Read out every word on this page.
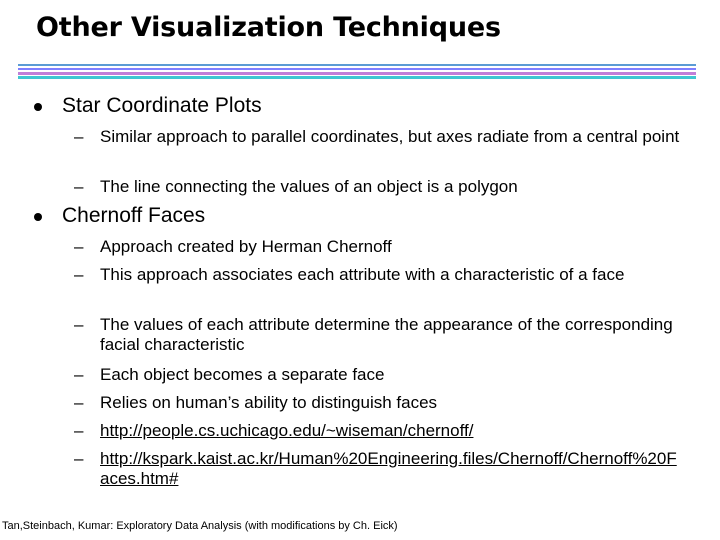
Other Visualization Techniques
Star Coordinate Plots
– Similar approach to parallel coordinates, but axes radiate from a central point
– The line connecting the values of an object is a polygon
Chernoff Faces
– Approach created by Herman Chernoff
– This approach associates each attribute with a characteristic of a face
– The values of each attribute determine the appearance of the corresponding facial characteristic
– Each object becomes a separate face
– Relies on human’s ability to distinguish faces
– http://people.cs.uchicago.edu/~wiseman/chernoff/
– http://kspark.kaist.ac.kr/Human%20Engineering.files/Chernoff/Chernoff%20Faces.htm#
Tan,Steinbach, Kumar: Exploratory Data Analysis (with modifications by Ch. Eick)
